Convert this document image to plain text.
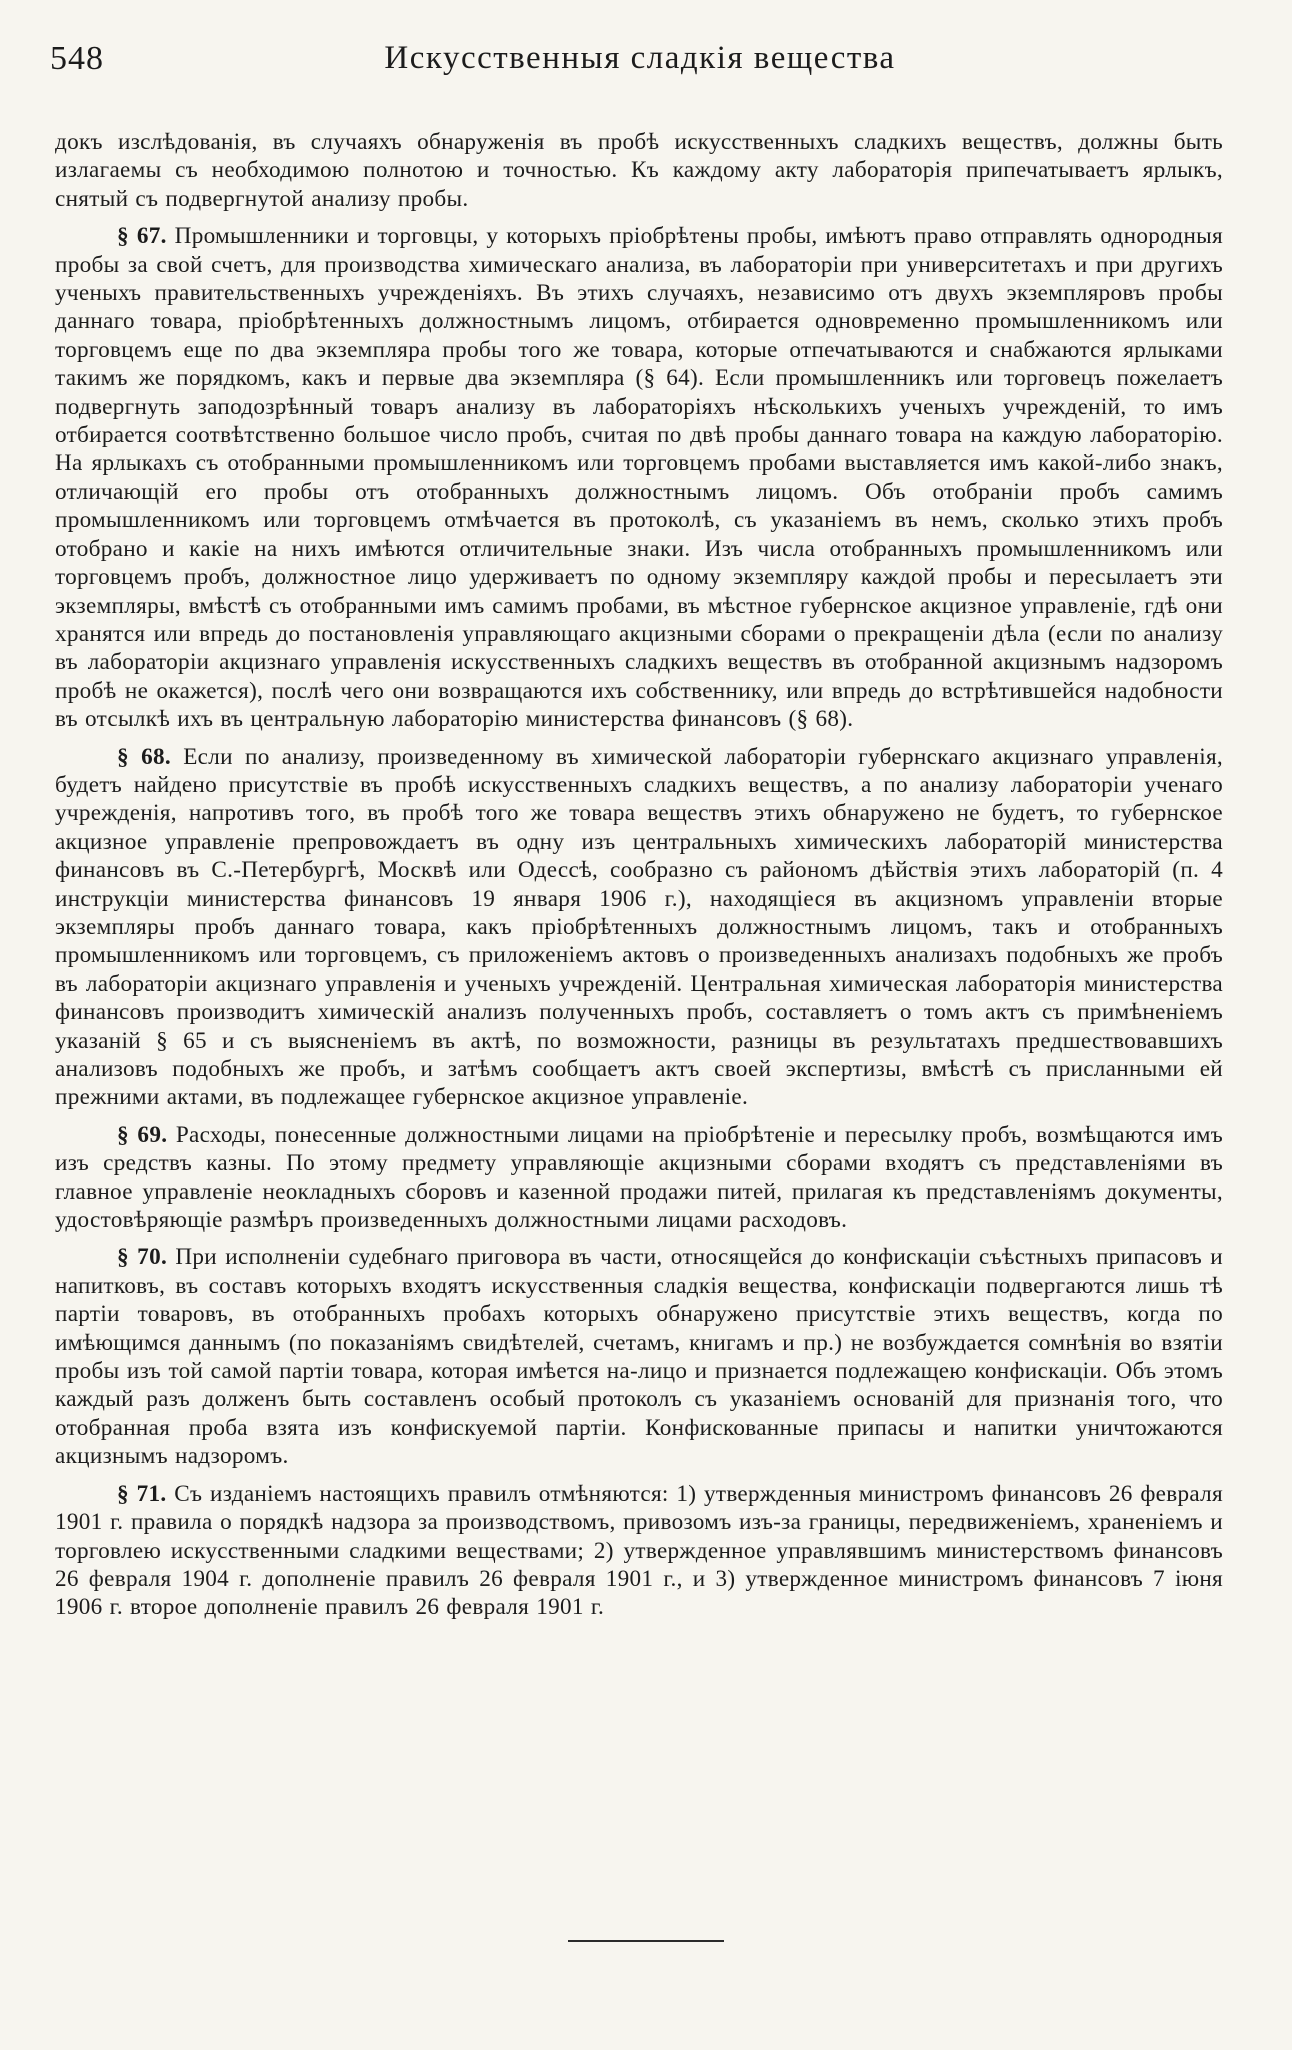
548	Искусственныя сладкія вещества

докъ изслѣдованія, въ случаяхъ обнаруженія въ пробѣ искусственныхъ сладкихъ веществъ, должны быть излагаемы съ необходимою полнотою и точностью. Къ каждому акту лабораторія припечатываетъ ярлыкъ, снятый съ подвергнутой анализу пробы.

§ 67. Промышленники и торговцы, у которыхъ пріобрѣтены пробы, имѣютъ право отправлять однородныя пробы за свой счетъ, для производства химическаго анализа, въ лабораторіи при университетахъ и при другихъ ученыхъ правительственныхъ учрежденіяхъ. Въ этихъ случаяхъ, независимо отъ двухъ экземпляровъ пробы даннаго товара, пріобрѣтенныхъ должностнымъ лицомъ, отбирается одновременно промышленникомъ или торговцемъ еще по два экземпляра пробы того же товара, которые отпечатываются и снабжаются ярлыками такимъ же порядкомъ, какъ и первые два экземпляра (§ 64). Если промышленникъ или торговецъ пожелаетъ подвергнуть заподозрѣнный товаръ анализу въ лабораторіяхъ нѣсколькихъ ученыхъ учрежденій, то имъ отбирается соотвѣтственно большое число пробъ, считая по двѣ пробы даннаго товара на каждую лабораторію. На ярлыкахъ съ отобранными промышленникомъ или торговцемъ пробами выставляется имъ какой-либо знакъ, отличающій его пробы отъ отобранныхъ должностнымъ лицомъ. Объ отобраніи пробъ самимъ промышленникомъ или торговцемъ отмѣчается въ протоколѣ, съ указаніемъ въ немъ, сколько этихъ пробъ отобрано и какіе на нихъ имѣются отличительные знаки. Изъ числа отобранныхъ промышленникомъ или торговцемъ пробъ, должностное лицо удерживаетъ по одному экземпляру каждой пробы и пересылаетъ эти экземпляры, вмѣстѣ съ отобранными имъ самимъ пробами, въ мѣстное губернское акцизное управленіе, гдѣ они хранятся или впредь до постановленія управляющаго акцизными сборами о прекращеніи дѣла (если по анализу въ лабораторіи акцизнаго управленія искусственныхъ сладкихъ веществъ въ отобранной акцизнымъ надзоромъ пробѣ не окажется), послѣ чего они возвращаются ихъ собственнику, или впредь до встрѣтившейся надобности въ отсылкѣ ихъ въ центральную лабораторію министерства финансовъ (§ 68).

§ 68. Если по анализу, произведенному въ химической лабораторіи губернскаго акцизнаго управленія, будетъ найдено присутствіе въ пробѣ искусственныхъ сладкихъ веществъ, а по анализу лабораторіи ученаго учрежденія, напротивъ того, въ пробѣ того же товара веществъ этихъ обнаружено не будетъ, то губернское акцизное управленіе препровождаетъ въ одну изъ центральныхъ химическихъ лабораторій министерства финансовъ въ С.-Петербургѣ, Москвѣ или Одессѣ, сообразно съ райономъ дѣйствія этихъ лабораторій (п. 4 инструкціи министерства финансовъ 19 января 1906 г.), находящіеся въ акцизномъ управленіи вторые экземпляры пробъ даннаго товара, какъ пріобрѣтенныхъ должностнымъ лицомъ, такъ и отобранныхъ промышленникомъ или торговцемъ, съ приложеніемъ актовъ о произведенныхъ анализахъ подобныхъ же пробъ въ лабораторіи акцизнаго управленія и ученыхъ учрежденій. Центральная химическая лабораторія министерства финансовъ производитъ химическій анализъ полученныхъ пробъ, составляетъ о томъ актъ съ примѣненіемъ указаній § 65 и съ выясненіемъ въ актѣ, по возможности, разницы въ результатахъ предшествовавшихъ анализовъ подобныхъ же пробъ, и затѣмъ сообщаетъ актъ своей экспертизы, вмѣстѣ съ присланными ей прежними актами, въ подлежащее губернское акцизное управленіе.

§ 69. Расходы, понесенные должностными лицами на пріобрѣтеніе и пересылку пробъ, возмѣщаются имъ изъ средствъ казны. По этому предмету управляющіе акцизными сборами входятъ съ представленіями въ главное управленіе неокладныхъ сборовъ и казенной продажи питей, прилагая къ представленіямъ документы, удостовѣряющіе размѣръ произведенныхъ должностными лицами расходовъ.

§ 70. При исполненіи судебнаго приговора въ части, относящейся до конфискаціи съѣстныхъ припасовъ и напитковъ, въ составъ которыхъ входятъ искусственныя сладкія вещества, конфискаціи подвергаются лишь тѣ партіи товаровъ, въ отобранныхъ пробахъ которыхъ обнаружено присутствіе этихъ веществъ, когда по имѣющимся даннымъ (по показаніямъ свидѣтелей, счетамъ, книгамъ и пр.) не возбуждается сомнѣнія во взятіи пробы изъ той самой партіи товара, которая имѣется на-лицо и признается подлежащею конфискаціи. Объ этомъ каждый разъ долженъ быть составленъ особый протоколъ съ указаніемъ основаній для признанія того, что отобранная проба взята изъ конфискуемой партіи. Конфискованные припасы и напитки уничтожаются акцизнымъ надзоромъ.

§ 71. Съ изданіемъ настоящихъ правилъ отмѣняются: 1) утвержденныя министромъ финансовъ 26 февраля 1901 г. правила о порядкѣ надзора за производствомъ, привозомъ изъ-за границы, передвиженіемъ, храненіемъ и торговлею искусственными сладкими веществами; 2) утвержденное управлявшимъ министерствомъ финансовъ 26 февраля 1904 г. дополненіе правилъ 26 февраля 1901 г., и 3) утвержденное министромъ финансовъ 7 іюня 1906 г. второе дополненіе правилъ 26 февраля 1901 г.
